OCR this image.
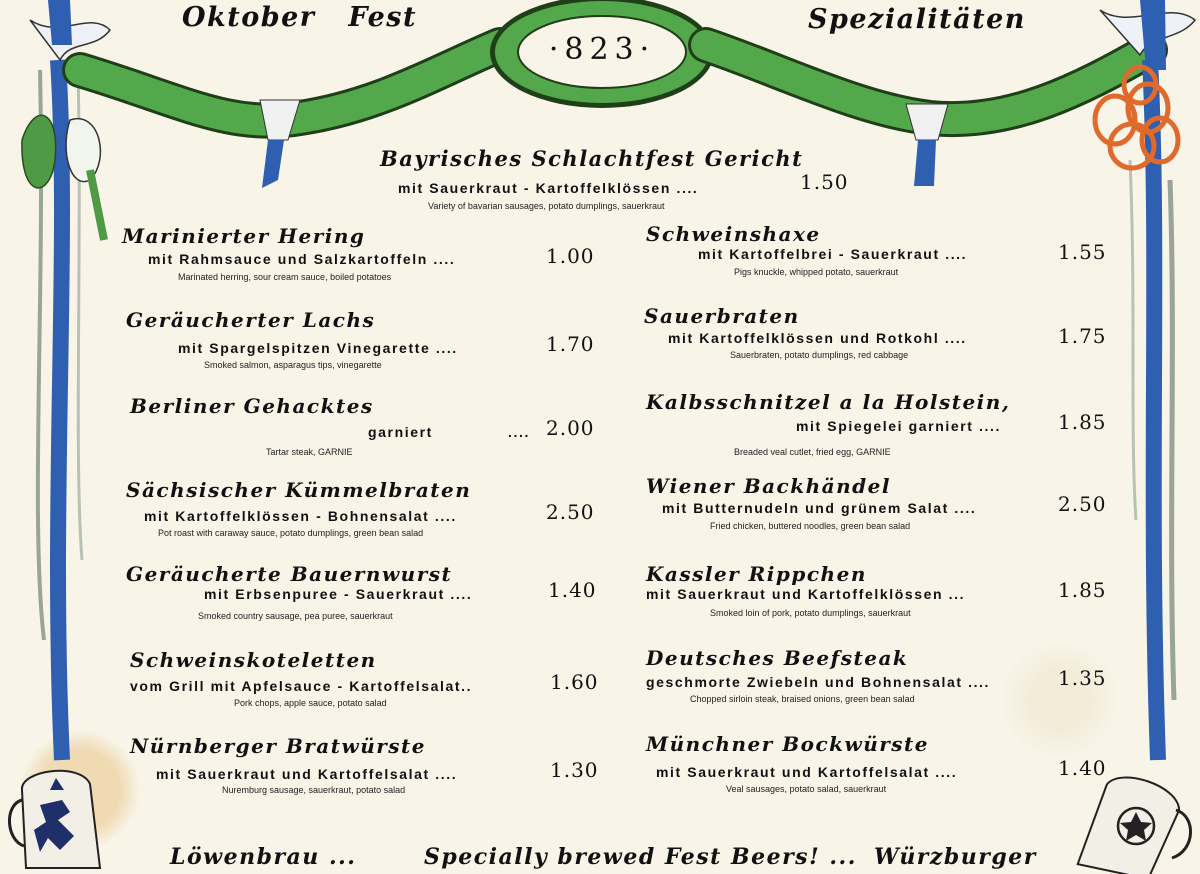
Oktober Fest	Spezialitäten
·823·
Bayrisches Schlachtfest Gericht
mit Sauerkraut - Kartoffelklössen ....	1.50
Variety of bavarian sausages, potato dumplings, sauerkraut
Marinierter Hering
mit Rahmsauce und Salzkartoffeln ....	1.00
Marinated herring, sour cream sauce, boiled potatoes
Geräucherter Lachs
mit Spargelspitzen Vinegarette ....	1.70
Smoked salmon, asparagus tips, vinegarette
Berliner Gehacktes
garniert	.... 2.00
Tartar steak, GARNIE
Sächsischer Kümmelbraten
mit Kartoffelklössen - Bohnensalat ....	2.50
Pot roast with caraway sauce, potato dumplings, green bean salad
Geräucherte Bauernwurst
mit Erbsenpuree - Sauerkraut ....	1.40
Smoked country sausage, pea puree, sauerkraut
Schweinskoteletten
vom Grill mit Apfelsauce - Kartoffelsalat..	1.60
Pork chops, apple sauce, potato salad
Nürnberger Bratwürste
mit Sauerkraut und Kartoffelsalat ....	1.30
Nuremburg sausage, sauerkraut, potato salad
Schweinshaxe
mit Kartoffelbrei - Sauerkraut ....	1.55
Pigs knuckle, whipped potato, sauerkraut
Sauerbraten
mit Kartoffelklössen und Rotkohl ....	1.75
Sauerbraten, potato dumplings, red cabbage
Kalbsschnitzel a la Holstein,
mit Spiegelei garniert ....	1.85
Breaded veal cutlet, fried egg, GARNIE
Wiener Backhändel
mit Butternudeln und grünem Salat ....	2.50
Fried chicken, buttered noodles, green bean salad
Kassler Rippchen
mit Sauerkraut und Kartoffelklössen ...	1.85
Smoked loin of pork, potato dumplings, sauerkraut
Deutsches Beefsteak
geschmorte Zwiebeln und Bohnensalat ....	1.35
Chopped sirloin steak, braised onions, green bean salad
Münchner Bockwürste
mit Sauerkraut und Kartoffelsalat ....	1.40
Veal sausages, potato salad, sauerkraut
Löwenbrau ...	Specially brewed Fest Beers! ... Würzburger
